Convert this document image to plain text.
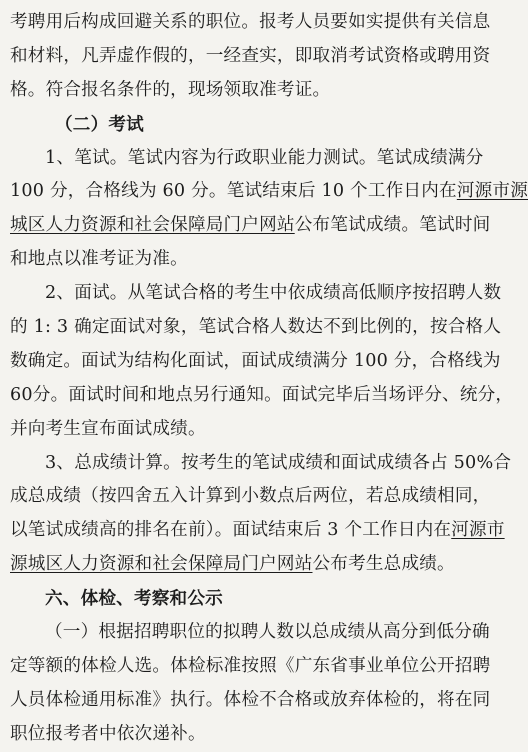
考聘用后构成回避关系的职位。报考人员要如实提供有关信息
和材料，凡弄虚作假的，一经查实，即取消考试资格或聘用资
格。符合报名条件的，现场领取准考证。
（二）考试
1、笔试。笔试内容为行政职业能力测试。笔试成绩满分
100 分，合格线为 60 分。笔试结束后 10 个工作日内在河源市源
城区人力资源和社会保障局门户网站公布笔试成绩。笔试时间
和地点以准考证为准。
2、面试。从笔试合格的考生中依成绩高低顺序按招聘人数
的 1: 3 确定面试对象，笔试合格人数达不到比例的，按合格人
数确定。面试为结构化面试，面试成绩满分 100 分，合格线为
60分。面试时间和地点另行通知。面试完毕后当场评分、统分，
并向考生宣布面试成绩。
3、总成绩计算。按考生的笔试成绩和面试成绩各占 50%合
成总成绩（按四舍五入计算到小数点后两位，若总成绩相同，
以笔试成绩高的排名在前）。面试结束后 3 个工作日内在河源市
源城区人力资源和社会保障局门户网站公布考生总成绩。
六、体检、考察和公示
（一）根据招聘职位的拟聘人数以总成绩从高分到低分确
定等额的体检人选。体检标准按照《广东省事业单位公开招聘
人员体检通用标准》执行。体检不合格或放弃体检的，将在同
职位报考者中依次递补。
